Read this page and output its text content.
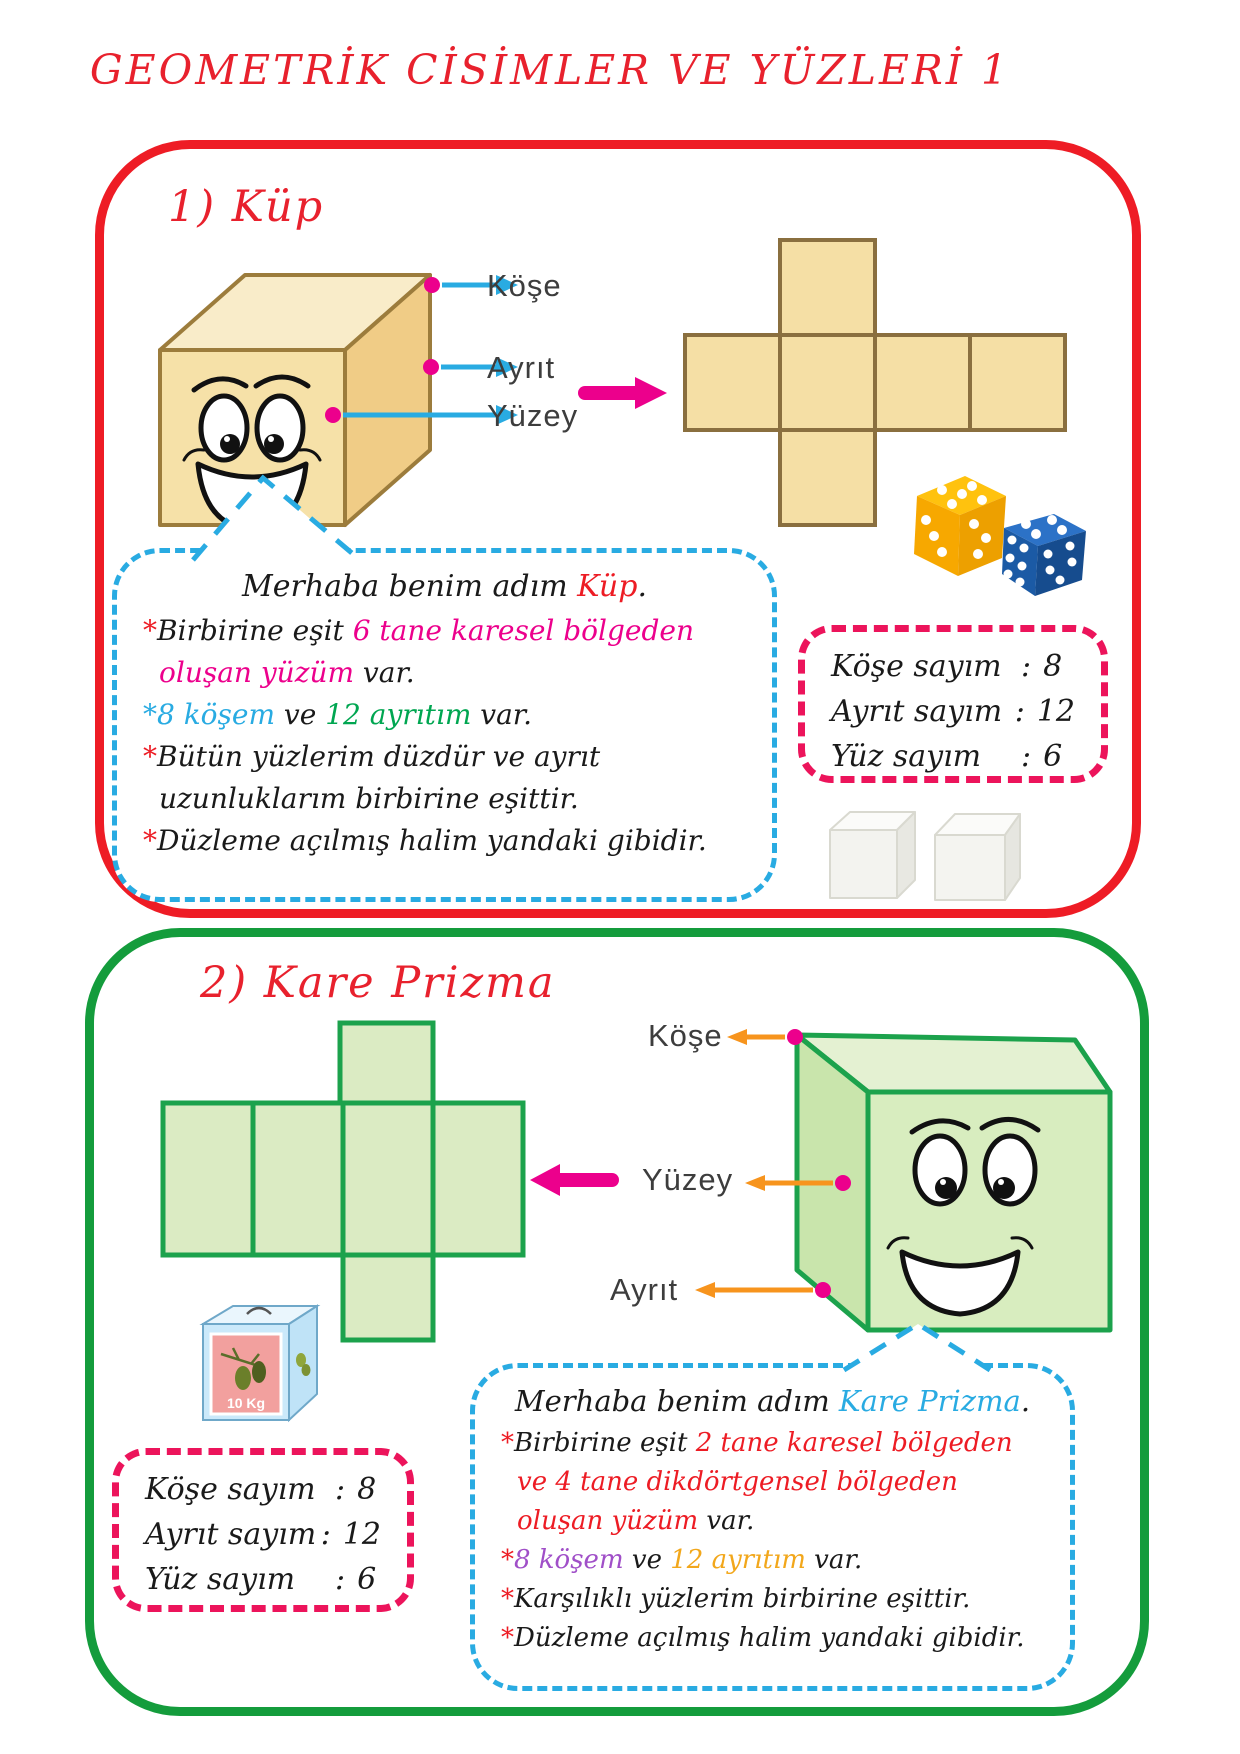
GEOMETRİK CİSİMLER VE YÜZLERİ 1
1) Küp
Köşe
Ayrıt
Yüzey
Merhaba benim adım Küp.
*Birbirine eşit 6 tane karesel bölgeden oluşan yüzüm var.
*8 köşem ve 12 ayrıtım var.
*Bütün yüzlerim düzdür ve ayrıt uzunluklarım birbirine eşittir.
*Düzleme açılmış halim yandaki gibidir.
Köşe sayım : 8
Ayrıt sayım : 12
Yüz sayım	: 6
2) Kare Prizma
Köşe
Yüzey
Ayrıt
10 Kg
Köşe sayım : 8
Ayrıt sayım : 12
Yüz sayım	: 6
Merhaba benim adım Kare Prizma.
*Birbirine eşit 2 tane karesel bölgeden ve 4 tane dikdörtgensel bölgeden oluşan yüzüm var.
*8 köşem ve 12 ayrıtım var.
*Karşılıklı yüzlerim birbirine eşittir.
*Düzleme açılmış halim yandaki gibidir.
